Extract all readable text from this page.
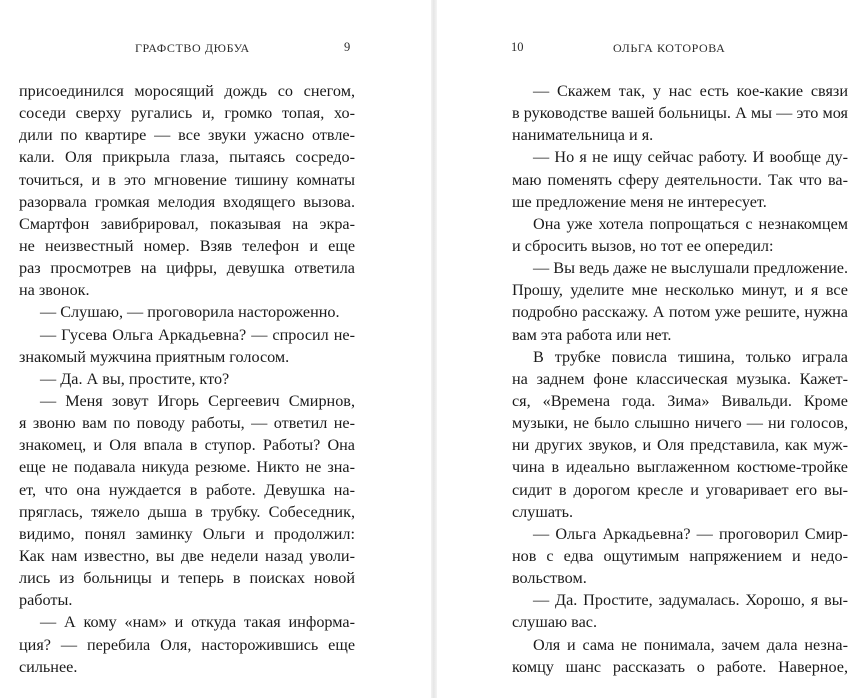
ГРАФСТВО ДЮБУА	9
присоединился моросящий дождь со снегом,
соседи сверху ругались и, громко топая, хо-
дили по квартире — все звуки ужасно отвле-
кали. Оля прикрыла глаза, пытаясь сосредо-
точиться, и в это мгновение тишину комнаты
разорвала громкая мелодия входящего вызова.
Смартфон завибрировал, показывая на экра-
не неизвестный номер. Взяв телефон и еще
раз просмотрев на цифры, девушка ответила
на звонок.
— Слушаю, — проговорила настороженно.
— Гусева Ольга Аркадьевна? — спросил не-
знакомый мужчина приятным голосом.
— Да. А вы, простите, кто?
— Меня зовут Игорь Сергеевич Смирнов,
я звоню вам по поводу работы, — ответил не-
знакомец, и Оля впала в ступор. Работы? Она
еще не подавала никуда резюме. Никто не зна-
ет, что она нуждается в работе. Девушка на-
пряглась, тяжело дыша в трубку. Собеседник,
видимо, понял заминку Ольги и продолжил:
Как нам известно, вы две недели назад уволи-
лись из больницы и теперь в поисках новой
работы.
— А кому «нам» и откуда такая информа-
ция? — перебила Оля, насторожившись еще
сильнее.
10	ОЛЬГА КОТОРОВА
— Скажем так, у нас есть кое-какие связи
в руководстве вашей больницы. А мы — это моя
нанимательница и я.
— Но я не ищу сейчас работу. И вообще ду-
маю поменять сферу деятельности. Так что ва-
ше предложение меня не интересует.
Она уже хотела попрощаться с незнакомцем
и сбросить вызов, но тот ее опередил:
— Вы ведь даже не выслушали предложение.
Прошу, уделите мне несколько минут, и я все
подробно расскажу. А потом уже решите, нужна
вам эта работа или нет.
В трубке повисла тишина, только играла
на заднем фоне классическая музыка. Кажет-
ся, «Времена года. Зима» Вивальди. Кроме
музыки, не было слышно ничего — ни голосов,
ни других звуков, и Оля представила, как муж-
чина в идеально выглаженном костюме-тройке
сидит в дорогом кресле и уговаривает его вы-
слушать.
— Ольга Аркадьевна? — проговорил Смир-
нов с едва ощутимым напряжением и недо-
вольством.
— Да. Простите, задумалась. Хорошо, я вы-
слушаю вас.
Оля и сама не понимала, зачем дала незна-
комцу шанс рассказать о работе. Наверное,
